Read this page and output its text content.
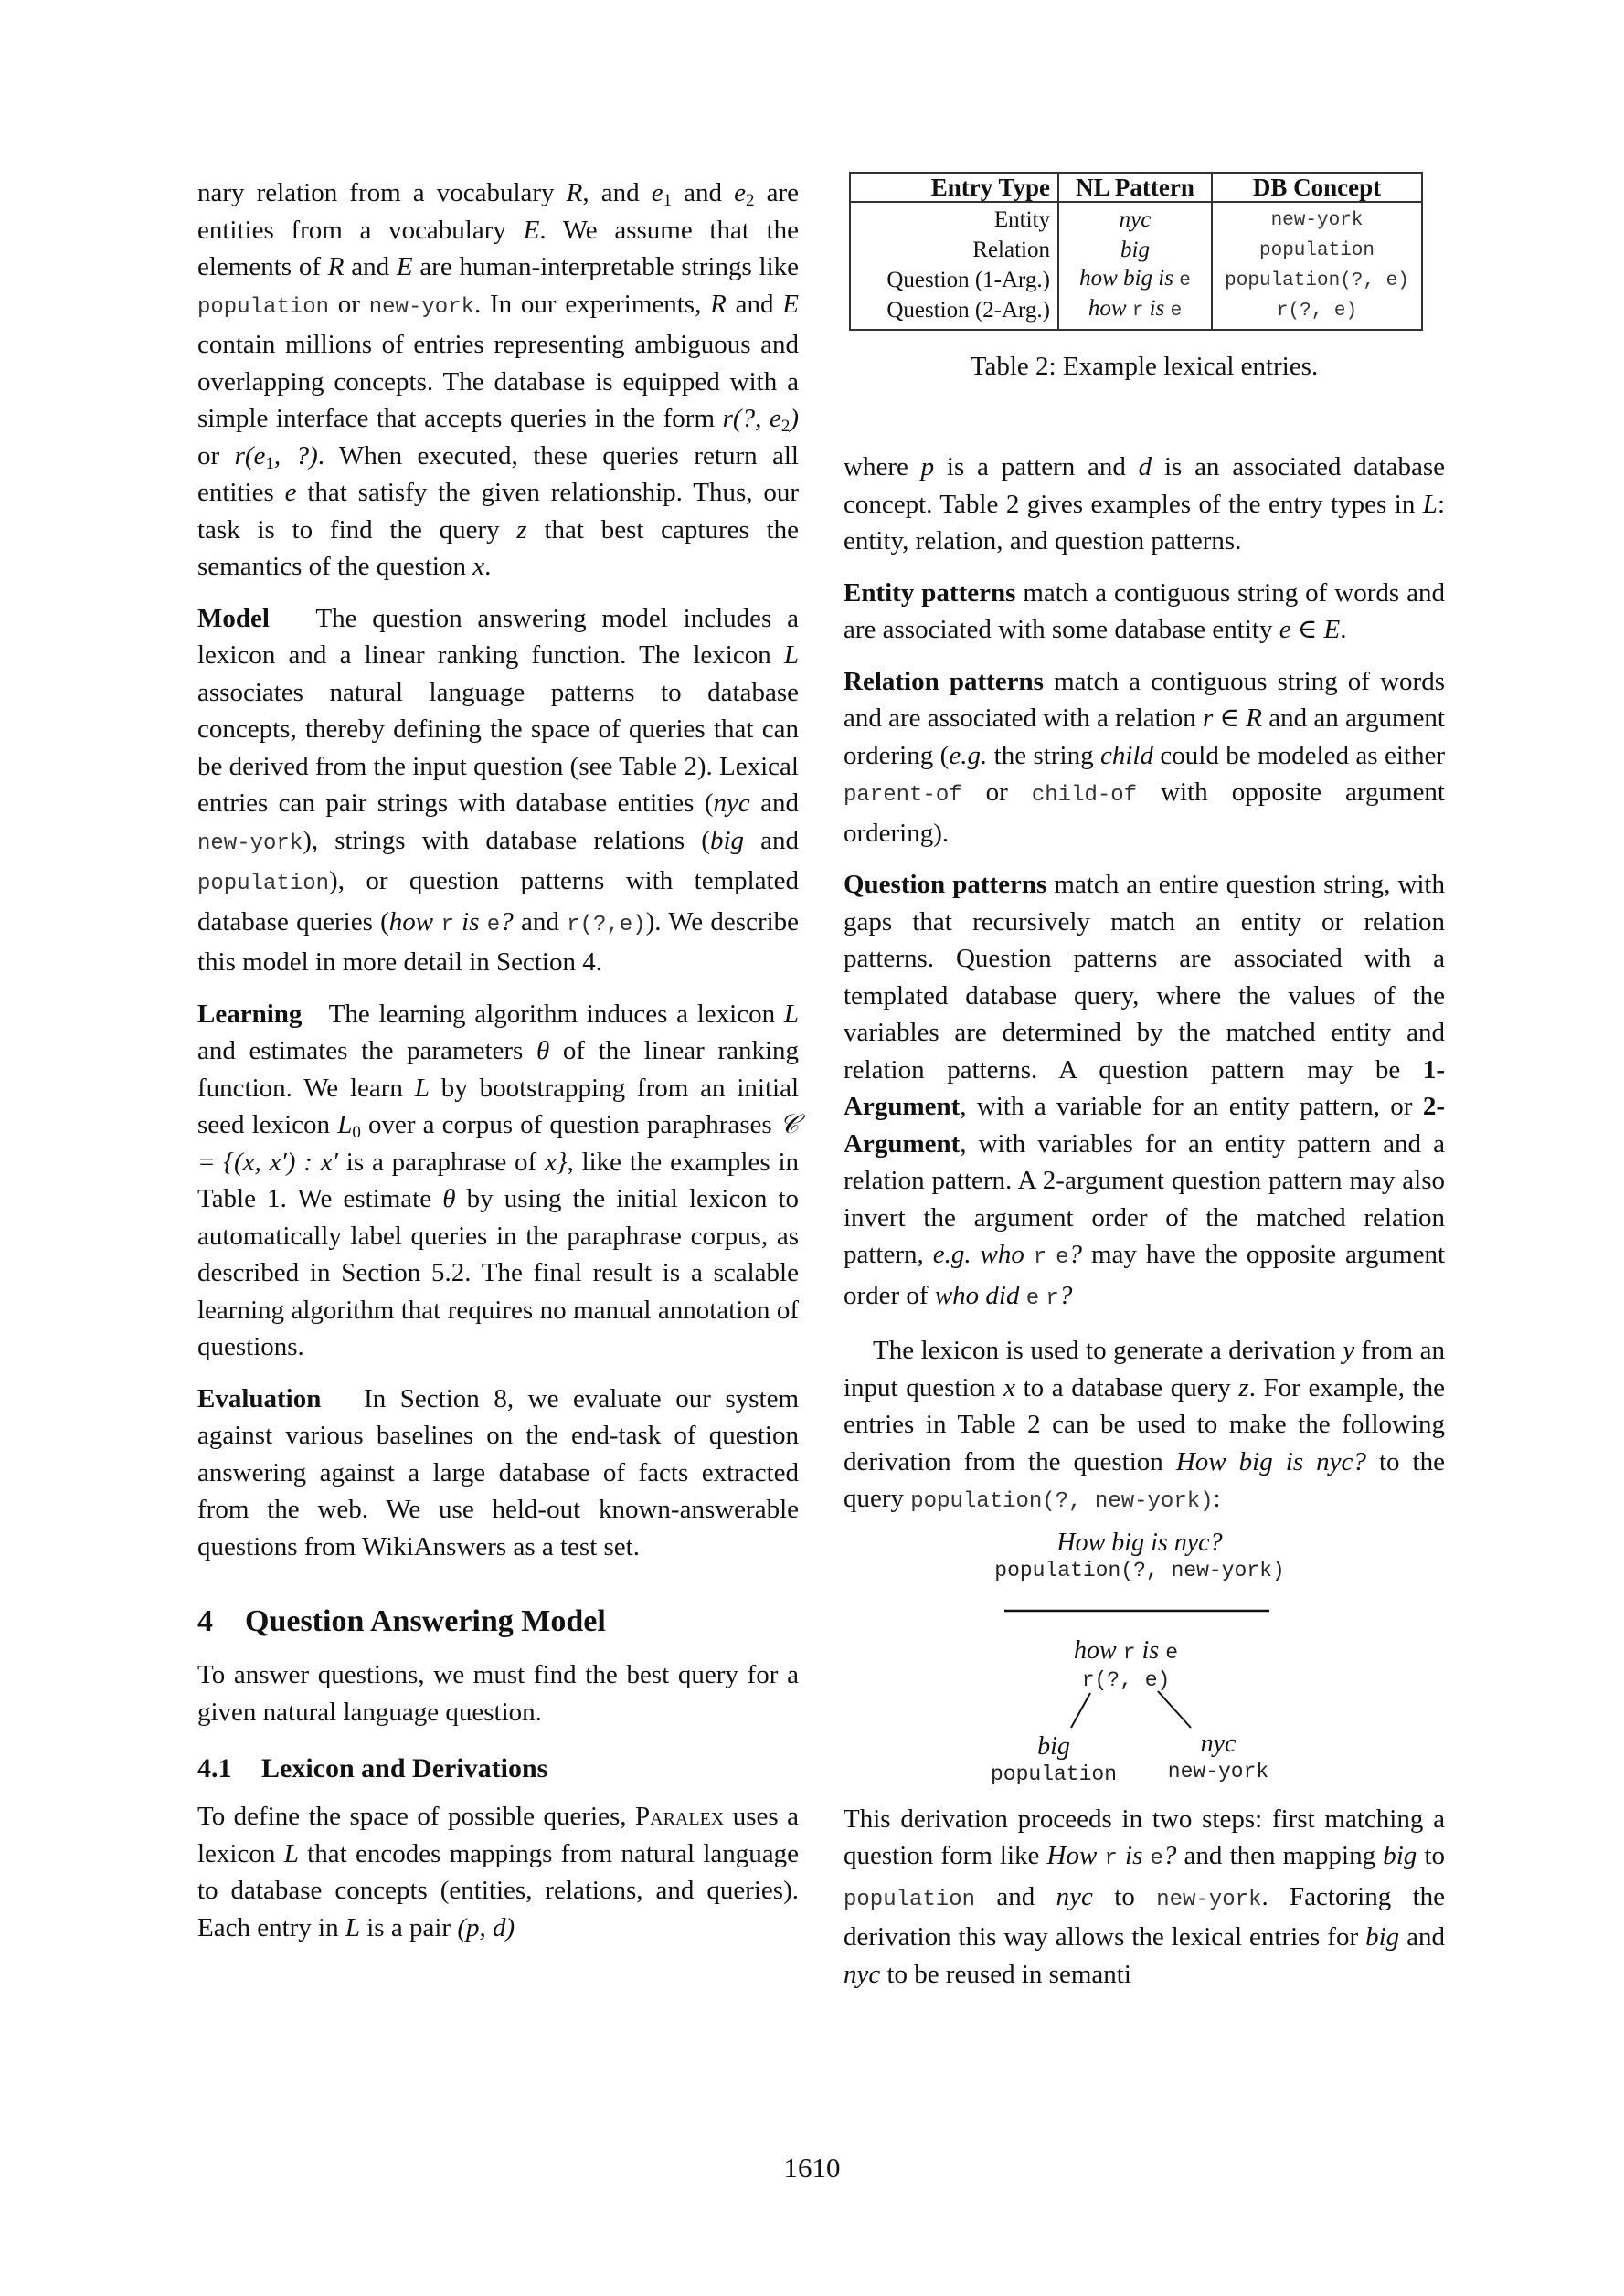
nary relation from a vocabulary R, and $e_1$ and $e_2$ are entities from a vocabulary E. We assume that the elements of R and E are human-interpretable strings like population or new-york. In our experiments, R and E contain millions of entries representing ambiguous and overlapping concepts. The database is equipped with a simple interface that accepts queries in the form r(?, $e_2$) or $r(e_1$, ?). When executed, these queries return all entities e that satisfy the given relationship. Thus, our task is to find the query z that best captures the semantics of the question x.

Model The question answering model includes a lexicon and a linear ranking function. The lexicon L associates natural language patterns to database concepts, thereby defining the space of queries that can be derived from the input question (see Table 2). Lexical entries can pair strings with database entities (nyc and new-york), strings with database relations (big and population), or question patterns with templated database queries (how r is e? and r(?,e)). We describe this model in more detail in Section 4.

Learning The learning algorithm induces a lexicon L and estimates the parameters θ of the linear ranking function. We learn L by bootstrapping from an initial seed lexicon $L_0$ over a corpus of question paraphrases 𝒞 = {(x, x′) : x′ is a paraphrase of x}, like the examples in Table 1. We estimate θ by using the initial lexicon to automatically label queries in the paraphrase corpus, as described in Section 5.2. The final result is a scalable learning algorithm that requires no manual annotation of questions.

Evaluation In Section 8, we evaluate our system against various baselines on the end-task of question answering against a large database of facts extracted from the web. We use held-out known-answerable questions from WikiAnswers as a test set.

4 Question Answering Model

To answer questions, we must find the best query for a given natural language question.

4.1 Lexicon and Derivations

To define the space of possible queries, Paralex uses a lexicon L that encodes mappings from natural language to database concepts (entities, relations, and queries). Each entry in L is a pair (p, d)

Entry Type	NL Pattern	DB Concept
Entity	nyc	new-york
Relation	big	population
Question (1-Arg.)	how big is e	population(?, e)
Question (2-Arg.)	how r is e	r(?, e)
Table 2: Example lexical entries.

where p is a pattern and d is an associated database concept. Table 2 gives examples of the entry types in L: entity, relation, and question patterns.

Entity patterns match a contiguous string of words and are associated with some database entity e ∈ E.

Relation patterns match a contiguous string of words and are associated with a relation r ∈ R and an argument ordering (e.g. the string child could be modeled as either parent-of or child-of with opposite argument ordering).

Question patterns match an entire question string, with gaps that recursively match an entity or relation patterns. Question patterns are associated with a templated database query, where the values of the variables are determined by the matched entity and relation patterns. A question pattern may be 1-Argument, with a variable for an entity pattern, or 2-Argument, with variables for an entity pattern and a relation pattern. A 2-argument question pattern may also invert the argument order of the matched relation pattern, e.g. who r e? may have the opposite argument order of who did e r?

The lexicon is used to generate a derivation y from an input question x to a database query z. For example, the entries in Table 2 can be used to make the following derivation from the question How big is nyc? to the query population(?, new-york):

How big is nyc?
population(?, new-york)
how r is e
r(?, e)
big
population
nyc
new-york

This derivation proceeds in two steps: first matching a question form like How r is e? and then mapping big to population and nyc to new-york. Factoring the derivation this way allows the lexical entries for big and nyc to be reused in semanti

1610
